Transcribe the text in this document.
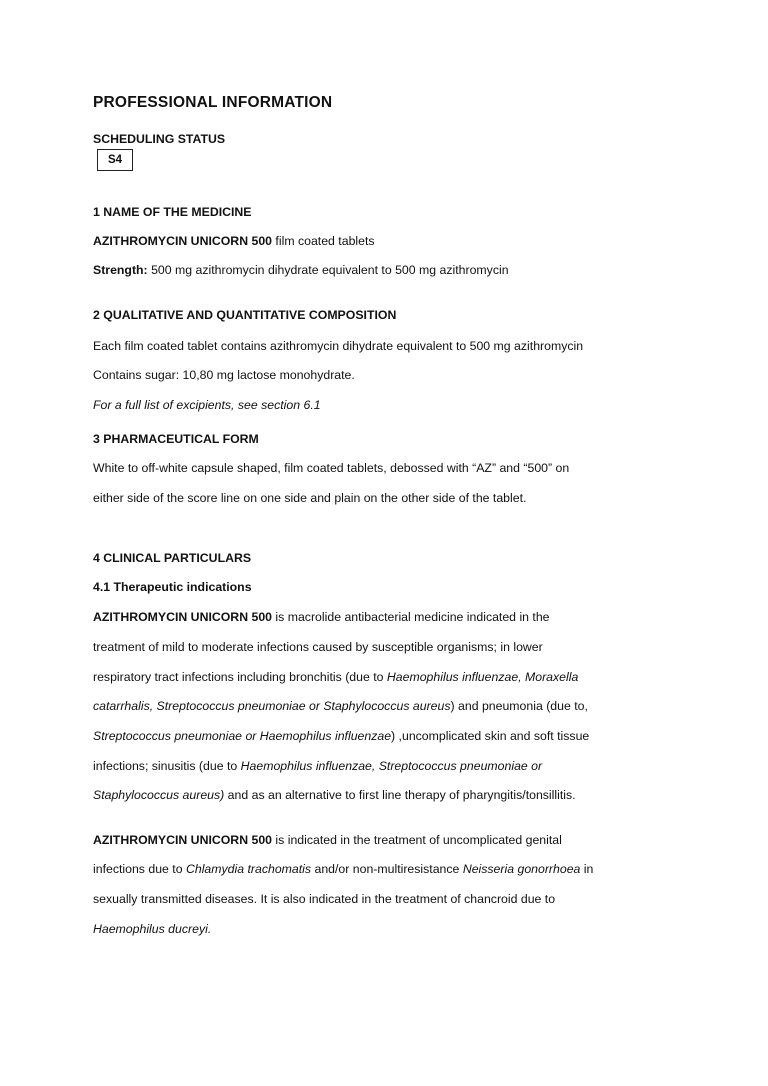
PROFESSIONAL INFORMATION
SCHEDULING STATUS
S4
1 NAME OF THE MEDICINE
AZITHROMYCIN UNICORN 500 film coated tablets
Strength: 500 mg azithromycin dihydrate equivalent to 500 mg azithromycin
2 QUALITATIVE AND QUANTITATIVE COMPOSITION
Each film coated tablet contains azithromycin dihydrate equivalent to 500 mg azithromycin
Contains sugar: 10,80 mg lactose monohydrate.
For a full list of excipients, see section 6.1
3 PHARMACEUTICAL FORM
White to off-white capsule shaped, film coated tablets, debossed with “AZ” and “500” on
either side of the score line on one side and plain on the other side of the tablet.
4 CLINICAL PARTICULARS
4.1 Therapeutic indications
AZITHROMYCIN UNICORN 500 is macrolide antibacterial medicine indicated in the
treatment of mild to moderate infections caused by susceptible organisms; in lower
respiratory tract infections including bronchitis (due to Haemophilus influenzae, Moraxella
catarrhalis, Streptococcus pneumoniae or Staphylococcus aureus) and pneumonia (due to,
Streptococcus pneumoniae or Haemophilus influenzae) ,uncomplicated skin and soft tissue
infections; sinusitis (due to Haemophilus influenzae, Streptococcus pneumoniae or
Staphylococcus aureus) and as an alternative to first line therapy of pharyngitis/tonsillitis.
AZITHROMYCIN UNICORN 500 is indicated in the treatment of uncomplicated genital
infections due to Chlamydia trachomatis and/or non-multiresistance Neisseria gonorrhoea in
sexually transmitted diseases. It is also indicated in the treatment of chancroid due to
Haemophilus ducreyi.
